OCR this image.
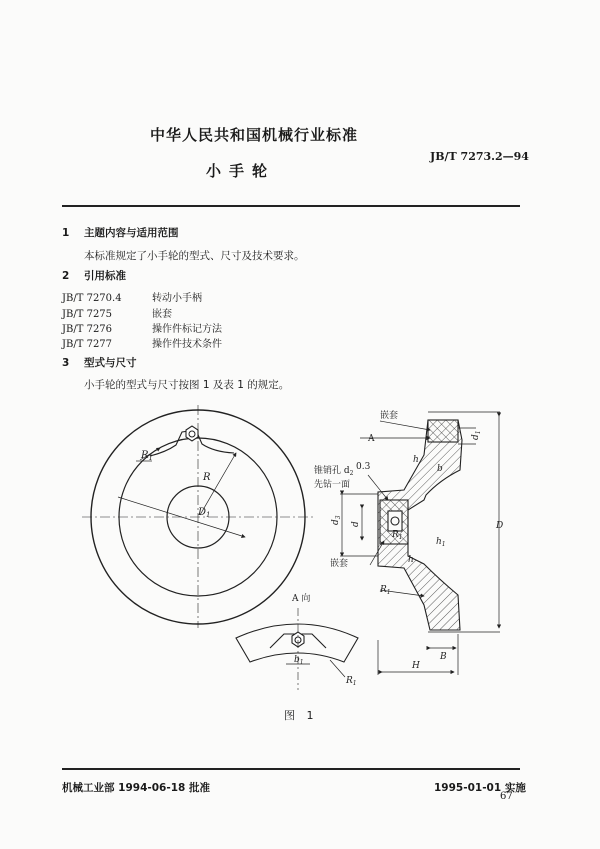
中华人民共和国机械行业标准
JB/T 7273.2—94
小手轮
1 主题内容与适用范围
本标准规定了小手轮的型式、尺寸及技术要求。
2 引用标准
JB/T 7270.4	转动小手柄
JB/T 7275	嵌套
JB/T 7276	操作件标记方法
JB/T 7277	操作件技术条件
3 型式与尺寸
小手轮的型式与尺寸按图 1 及表 1 的规定。
$R_1$
R
$D_1$
A 向
$b_1$
$R_1$
嵌套
A
锥销孔 $d_2$
先钻一面
0.3
h
$d_3$
d
$d_1$
D
$h_1$
$R_1$
嵌套	h
$R_1$
B
H
b
图 1
机械工业部 1994-06-18 批准	1995-01-01 实施
67
